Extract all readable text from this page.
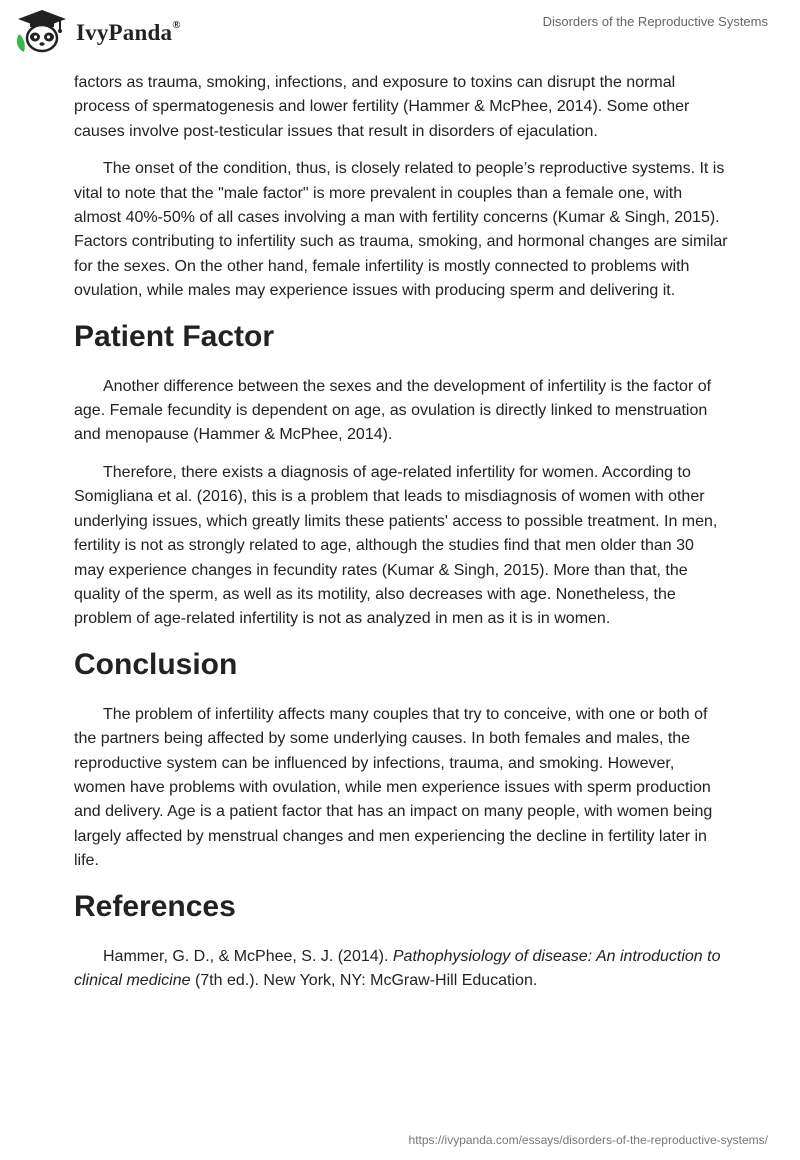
IvyPanda®	Disorders of the Reproductive Systems

factors as trauma, smoking, infections, and exposure to toxins can disrupt the normal process of spermatogenesis and lower fertility (Hammer & McPhee, 2014). Some other causes involve post-testicular issues that result in disorders of ejaculation.

The onset of the condition, thus, is closely related to people’s reproductive systems. It is vital to note that the "male factor" is more prevalent in couples than a female one, with almost 40%-50% of all cases involving a man with fertility concerns (Kumar & Singh, 2015). Factors contributing to infertility such as trauma, smoking, and hormonal changes are similar for the sexes. On the other hand, female infertility is mostly connected to problems with ovulation, while males may experience issues with producing sperm and delivering it.

Patient Factor

Another difference between the sexes and the development of infertility is the factor of age. Female fecundity is dependent on age, as ovulation is directly linked to menstruation and menopause (Hammer & McPhee, 2014).

Therefore, there exists a diagnosis of age-related infertility for women. According to Somigliana et al. (2016), this is a problem that leads to misdiagnosis of women with other underlying issues, which greatly limits these patients' access to possible treatment. In men, fertility is not as strongly related to age, although the studies find that men older than 30 may experience changes in fecundity rates (Kumar & Singh, 2015). More than that, the quality of the sperm, as well as its motility, also decreases with age. Nonetheless, the problem of age-related infertility is not as analyzed in men as it is in women.

Conclusion

The problem of infertility affects many couples that try to conceive, with one or both of the partners being affected by some underlying causes. In both females and males, the reproductive system can be influenced by infections, trauma, and smoking. However, women have problems with ovulation, while men experience issues with sperm production and delivery. Age is a patient factor that has an impact on many people, with women being largely affected by menstrual changes and men experiencing the decline in fertility later in life.

References

Hammer, G. D., & McPhee, S. J. (2014). Pathophysiology of disease: An introduction to clinical medicine (7th ed.). New York, NY: McGraw-Hill Education.

https://ivypanda.com/essays/disorders-of-the-reproductive-systems/
